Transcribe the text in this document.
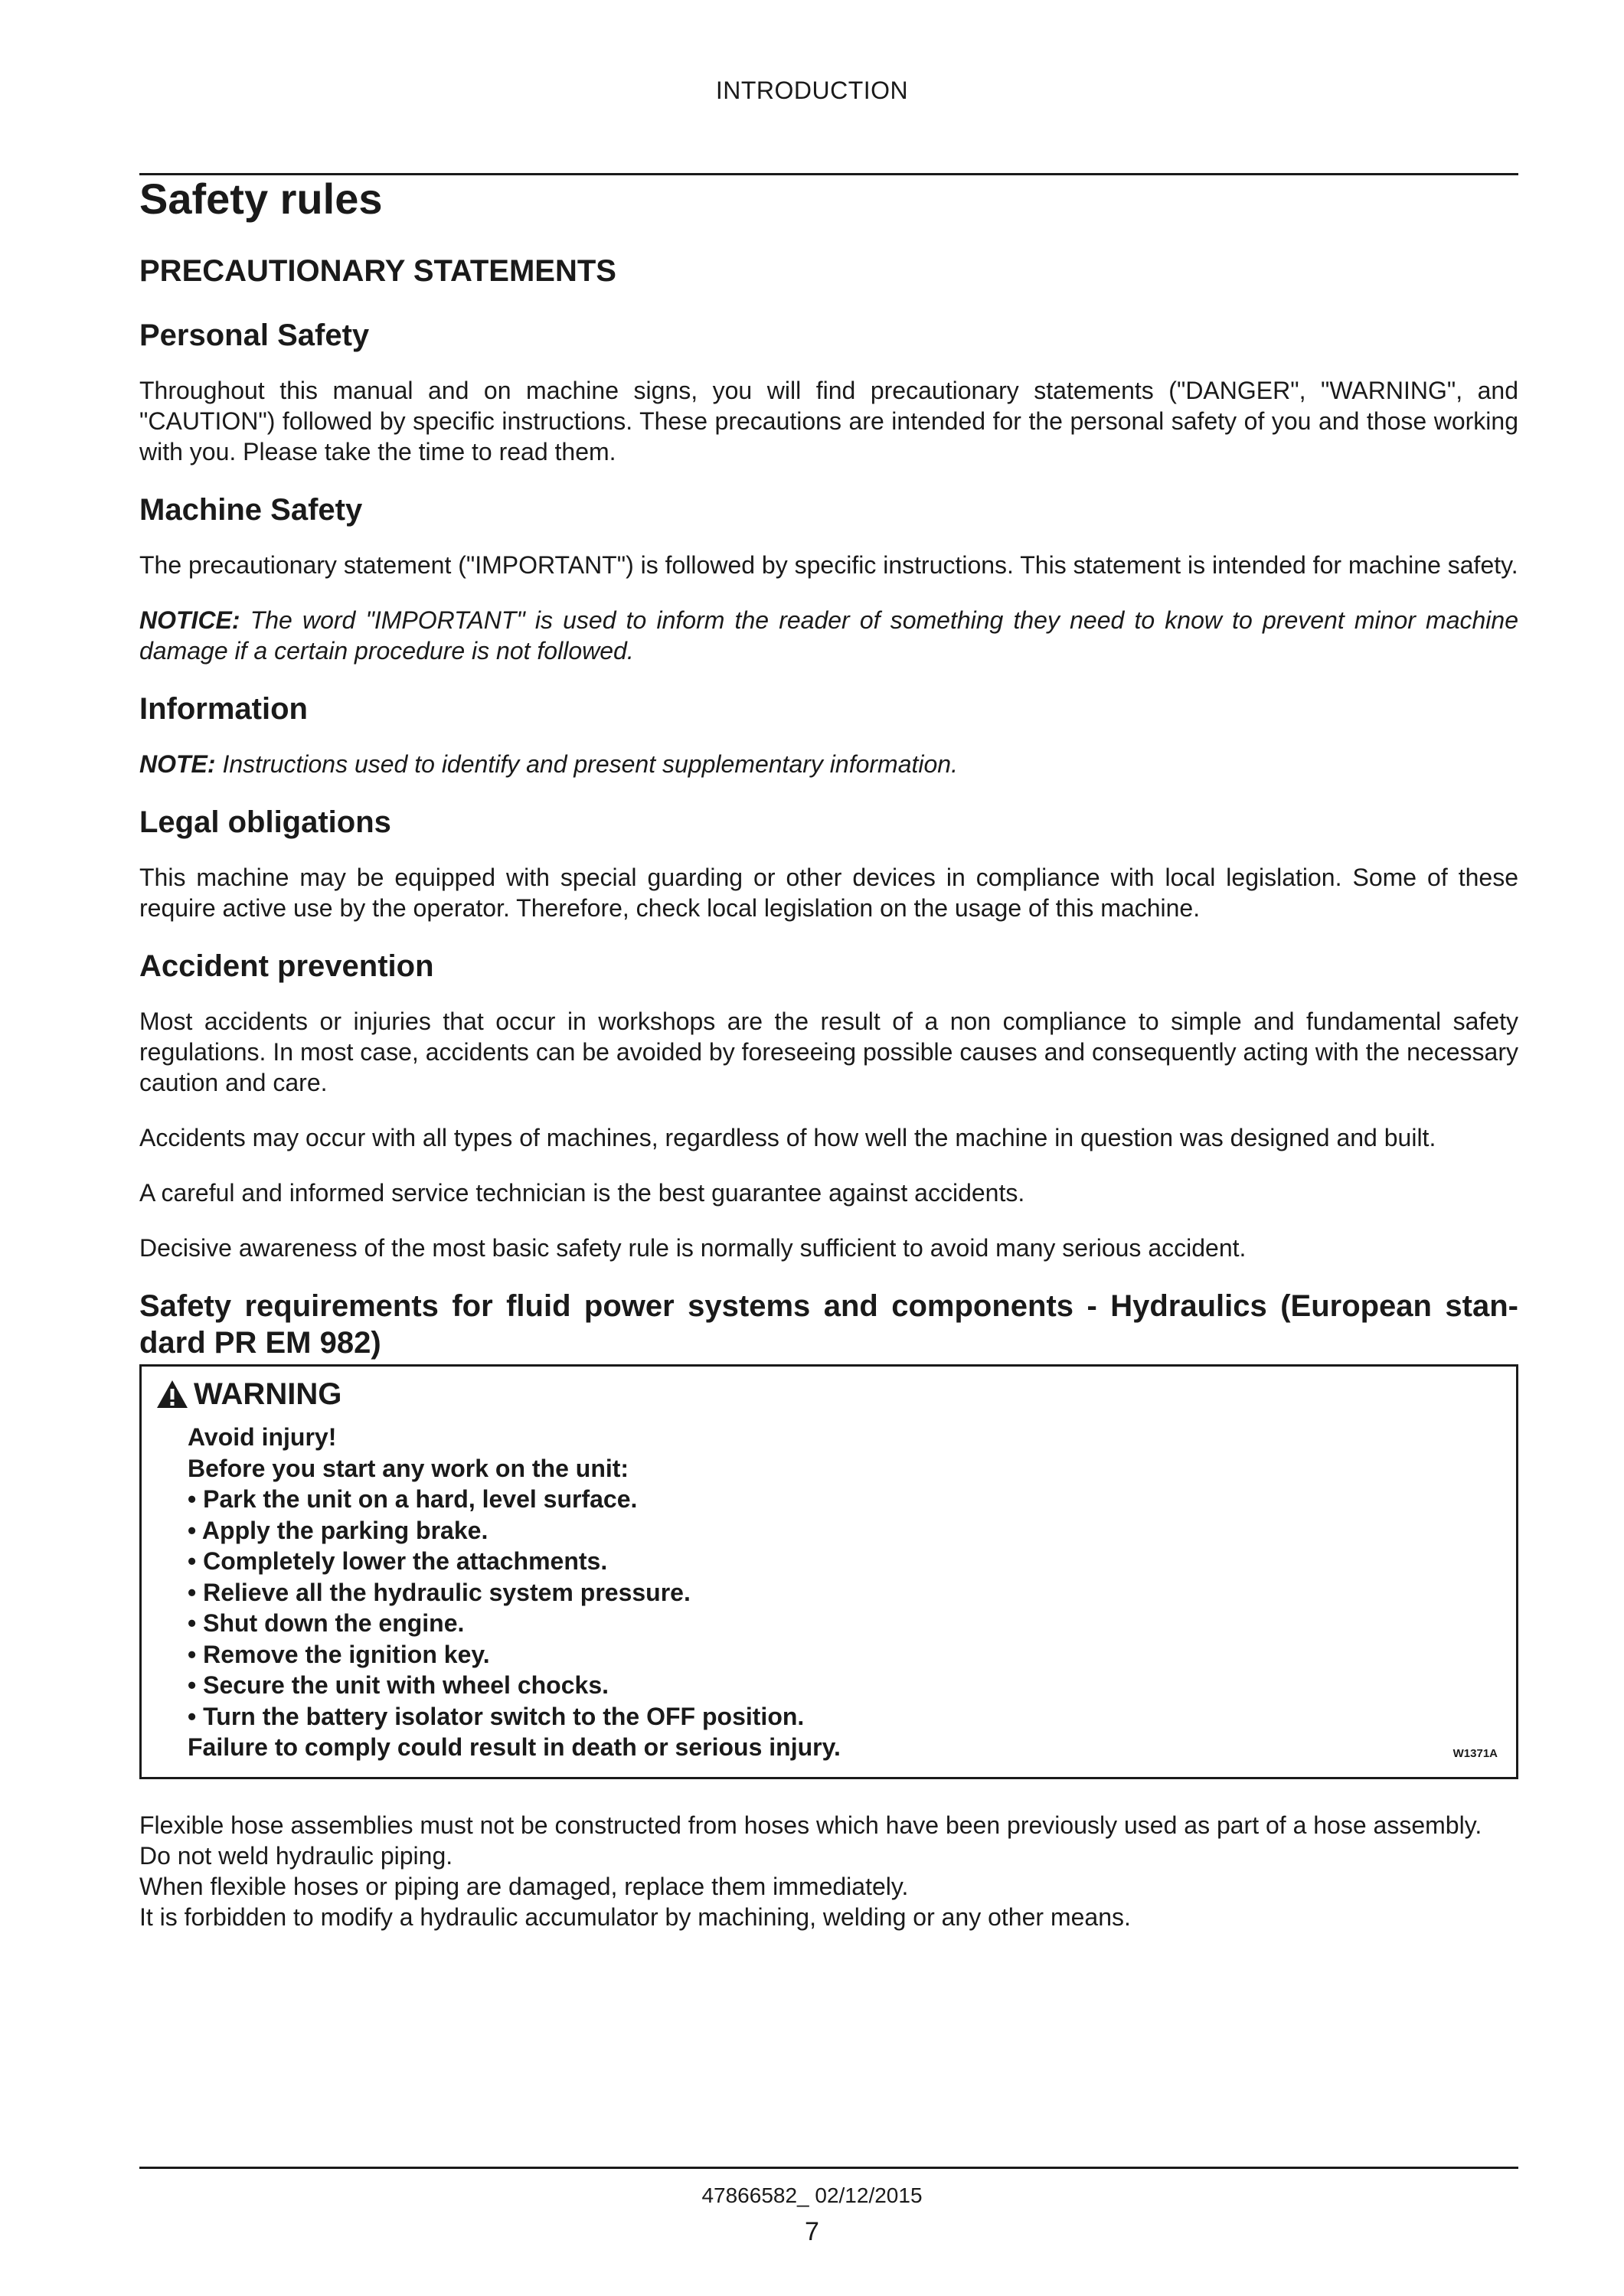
INTRODUCTION
Safety rules
PRECAUTIONARY STATEMENTS
Personal Safety

Throughout this manual and on machine signs, you will find precautionary statements ("DANGER", "WARNING", and "CAUTION") followed by specific instructions. These precautions are intended for the personal safety of you and those working with you. Please take the time to read them.

Machine Safety

The precautionary statement ("IMPORTANT") is followed by specific instructions. This statement is intended for machine safety.

NOTICE: The word "IMPORTANT" is used to inform the reader of something they need to know to prevent minor machine damage if a certain procedure is not followed.

Information

NOTE: Instructions used to identify and present supplementary information.

Legal obligations

This machine may be equipped with special guarding or other devices in compliance with local legislation. Some of these require active use by the operator. Therefore, check local legislation on the usage of this machine.

Accident prevention

Most accidents or injuries that occur in workshops are the result of a non compliance to simple and fundamental safety regulations. In most case, accidents can be avoided by foreseeing possible causes and consequently acting with the necessary caution and care.

Accidents may occur with all types of machines, regardless of how well the machine in question was designed and built.

A careful and informed service technician is the best guarantee against accidents.

Decisive awareness of the most basic safety rule is normally sufficient to avoid many serious accident.

Safety requirements for fluid power systems and components - Hydraulics (European standard PR EM 982)
WARNING
Avoid injury!
Before you start any work on the unit:
• Park the unit on a hard, level surface.
• Apply the parking brake.
• Completely lower the attachments.
• Relieve all the hydraulic system pressure.
• Shut down the engine.
• Remove the ignition key.
• Secure the unit with wheel chocks.
• Turn the battery isolator switch to the OFF position.
Failure to comply could result in death or serious injury.	W1371A

Flexible hose assemblies must not be constructed from hoses which have been previously used as part of a hose assembly.

Do not weld hydraulic piping.

When flexible hoses or piping are damaged, replace them immediately.

It is forbidden to modify a hydraulic accumulator by machining, welding or any other means.

47866582_ 02/12/2015
7
